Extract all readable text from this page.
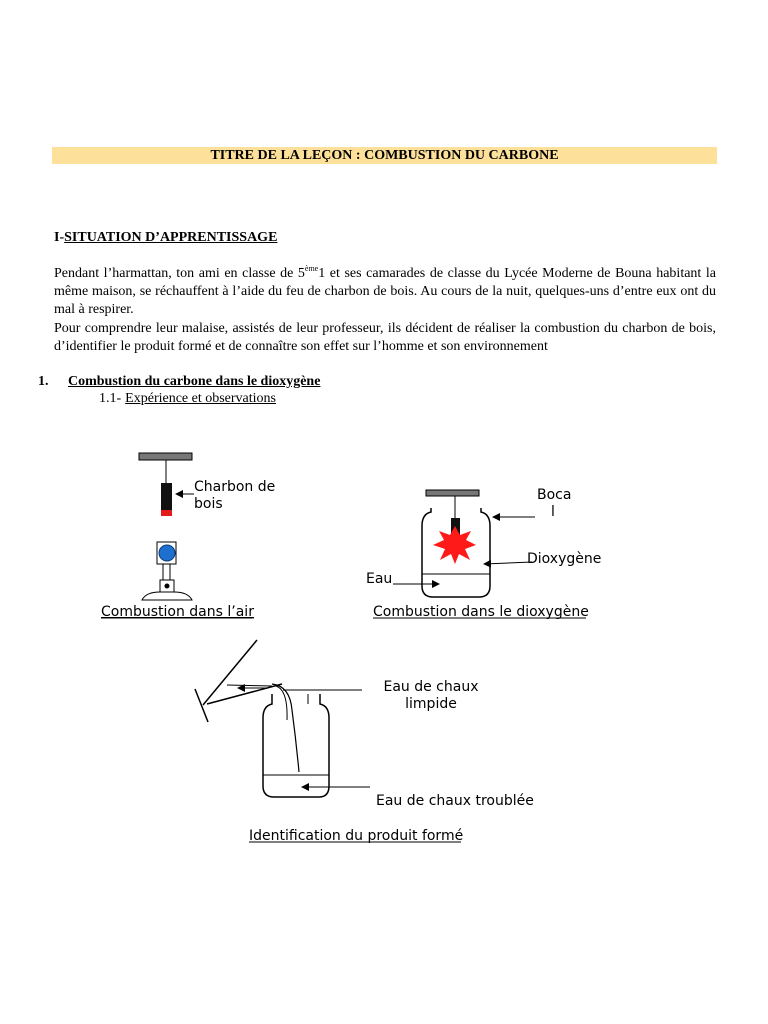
TITRE DE LA LEÇON : COMBUSTION DU CARBONE
I-SITUATION D’APPRENTISSAGE
Pendant l’harmattan, ton ami en classe de 5ème1 et ses camarades de classe du Lycée Moderne de Bouna habitant la même maison, se réchauffent à l’aide du feu de charbon de bois. Au cours de la nuit, quelques-uns d’entre eux ont du mal à respirer.
Pour comprendre leur malaise, assistés de leur professeur, ils décident de réaliser la combustion du charbon de bois, d’identifier le produit formé et de connaître son effet sur l’homme et son environnement
1. Combustion du carbone dans le dioxygène
1.1- Expérience et observations
Charbon de
bois
Combustion dans l’air
Boca
l
Dioxygène
Eau
Combustion dans le dioxygène
Eau de chaux
limpide
Eau de chaux troublée
Identification du produit formé
